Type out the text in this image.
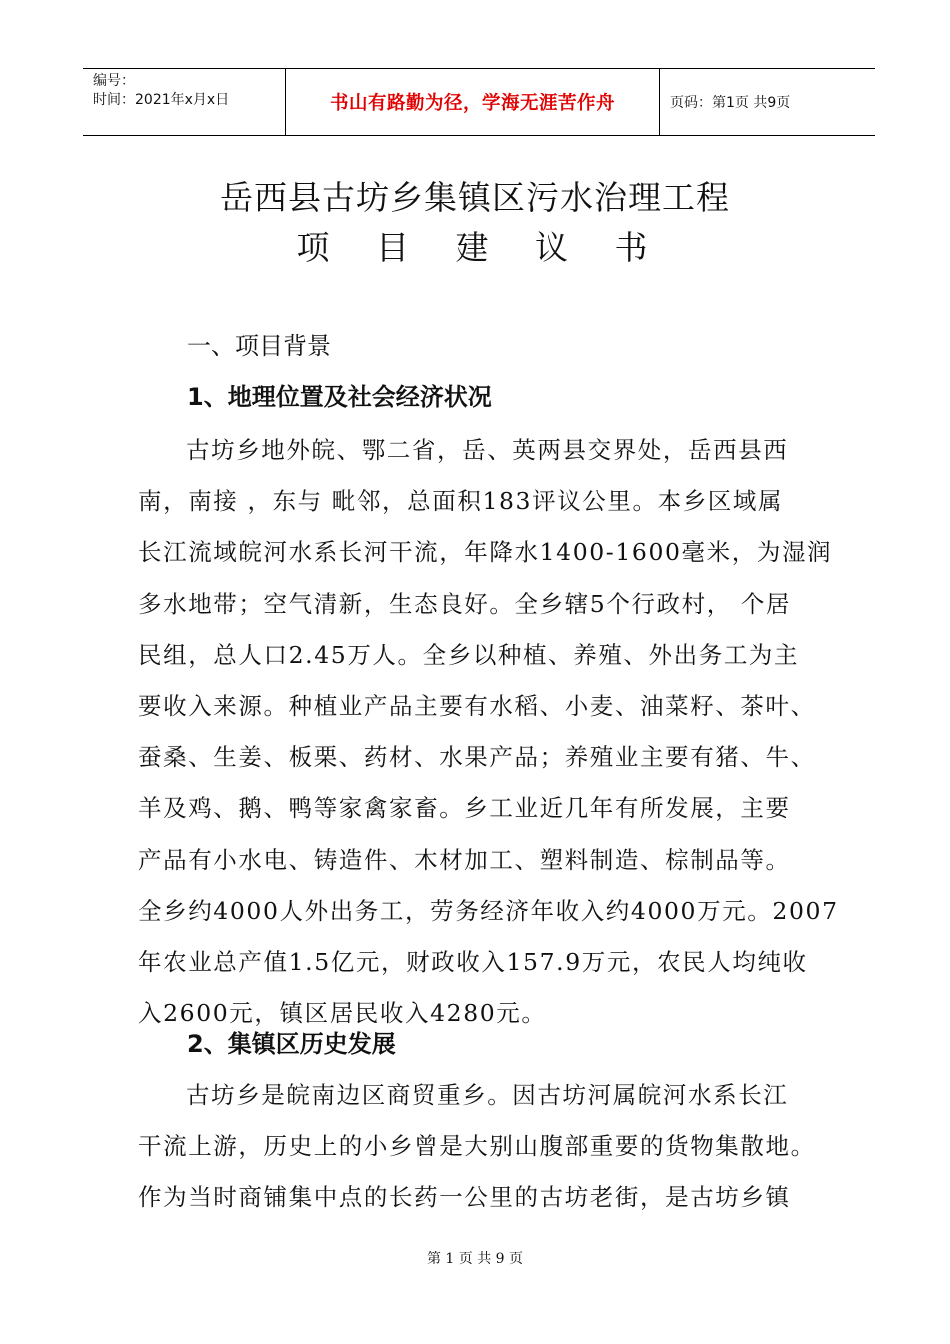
编号：
时间：2021年x月x日	书山有路勤为径，学海无涯苦作舟	页码：第1页 共9页
岳西县古坊乡集镇区污水治理工程
项 目 建 议 书
一、项目背景
1、地理位置及社会经济状况
古坊乡地外皖、鄂二省，岳、英两县交界处，岳西县西
南，南接 ，东与 毗邻，总面积183评议公里。本乡区域属
长江流域皖河水系长河干流，年降水1400-1600毫米，为湿润
多水地带；空气清新，生态良好。全乡辖5个行政村， 个居
民组，总人口2.45万人。全乡以种植、养殖、外出务工为主
要收入来源。种植业产品主要有水稻、小麦、油菜籽、茶叶、
蚕桑、生姜、板栗、药材、水果产品；养殖业主要有猪、牛、
羊及鸡、鹅、鸭等家禽家畜。乡工业近几年有所发展，主要
产品有小水电、铸造件、木材加工、塑料制造、棕制品等。
全乡约4000人外出务工，劳务经济年收入约4000万元。2007
年农业总产值1.5亿元，财政收入157.9万元，农民人均纯收
入2600元，镇区居民收入4280元。
2、集镇区历史发展
古坊乡是皖南边区商贸重乡。因古坊河属皖河水系长江
干流上游，历史上的小乡曾是大别山腹部重要的货物集散地。
作为当时商铺集中点的长药一公里的古坊老街，是古坊乡镇
第 1 页 共 9 页
